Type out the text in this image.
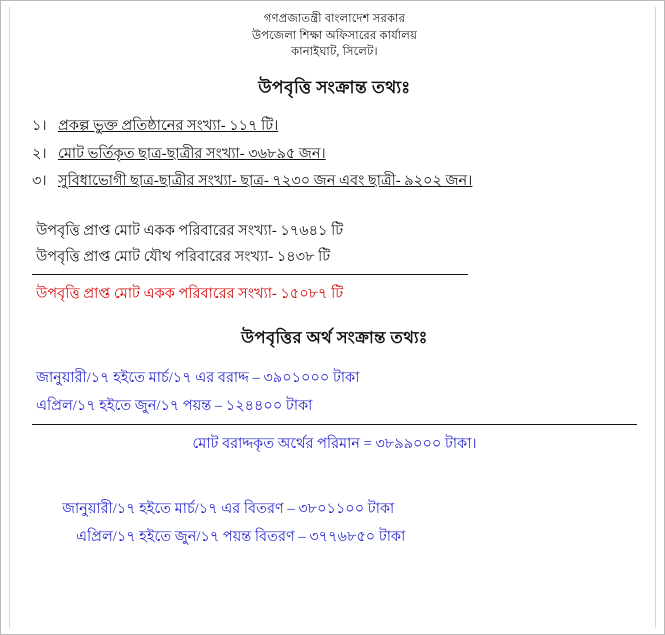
গণপ্রজাতন্ত্রী বাংলাদেশ সরকার
উপজেলা শিক্ষা অফিসারের কার্যালয়
কানাইঘাট, সিলেট।
উপবৃত্তি সংক্রান্ত তথ্যঃ
১। প্রকল্প ভুক্ত প্রতিষ্ঠানের সংখ্যা- ১১৭ টি।
২। মোট ভর্তিকৃত ছাত্র-ছাত্রীর সংখ্যা- ৩৬৮৯৫ জন।
৩। সুবিধাভোগী ছাত্র-ছাত্রীর সংখ্যা- ছাত্র- ৭২৩০ জন এবং ছাত্রী- ৯২০২ জন।
উপবৃত্তি প্রাপ্ত মোট একক পরিবারের সংখ্যা- ১৭৬৪১ টি
উপবৃত্তি প্রাপ্ত মোট যৌথ পরিবারের সংখ্যা- ১৪৩৮ টি
উপবৃত্তি প্রাপ্ত মোট একক পরিবারের সংখ্যা- ১৫০৮৭ টি
উপবৃত্তির অর্থ সংক্রান্ত তথ্যঃ
জানুয়ারী/১৭ হইতে মার্চ/১৭ এর বরাদ্দ – ৩৯০১০০০ টাকা
এপ্রিল/১৭ হইতে জুন/১৭ পয়ন্ত – ১২৪৪০০ টাকা
মোট বরাদ্দকৃত অর্থের পরিমান = ৩৮৯৯০০০ টাকা।
জানুয়ারী/১৭ হইতে মার্চ/১৭ এর বিতরণ – ৩৮০১১০০ টাকা
এপ্রিল/১৭ হইতে জুন/১৭ পয়ন্ত বিতরণ – ৩৭৭৬৮৫০ টাকা
